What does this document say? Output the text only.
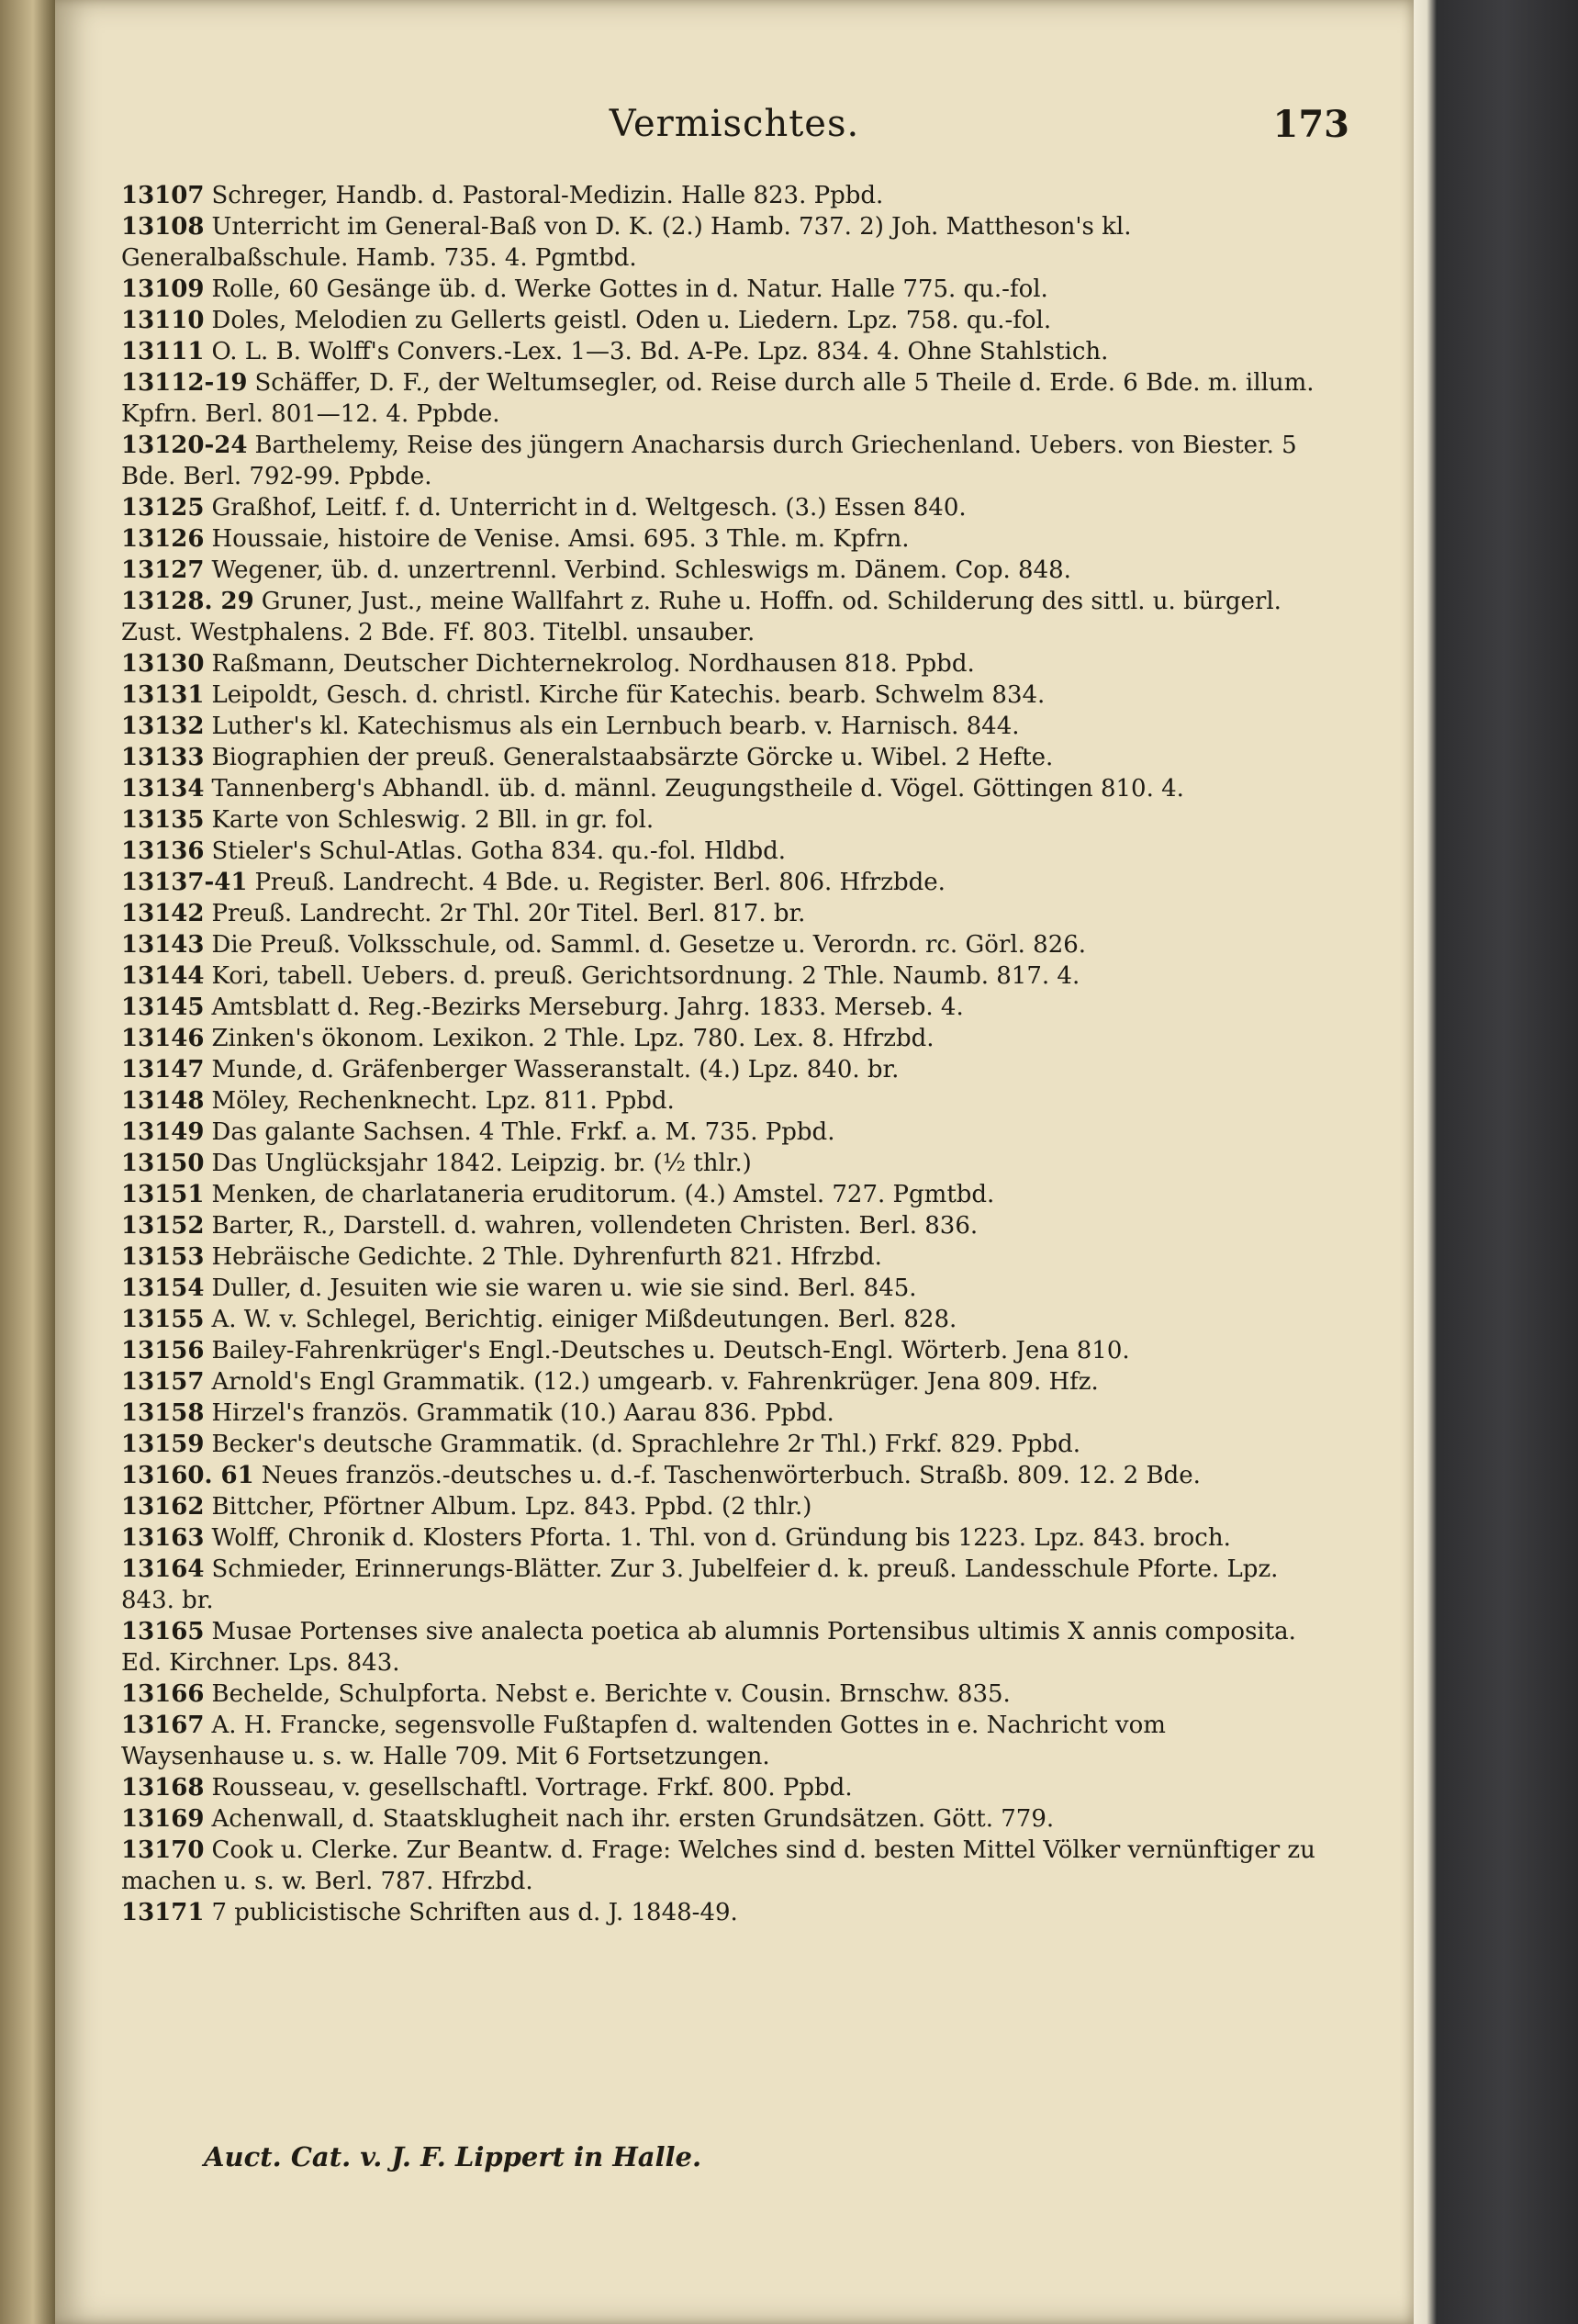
Vermischtes.	173

13107 Schreger, Handb. d. Pastoral-Medizin. Halle 823. Ppbd.

13108 Unterricht im General-Baß von D. K. (2.) Hamb. 737. 2) Joh. Mattheson's kl. Generalbaßschule. Hamb. 735. 4. Pgmtbd.

13109 Rolle, 60 Gesänge üb. d. Werke Gottes in d. Natur. Halle 775. qu.-fol.

13110 Doles, Melodien zu Gellerts geistl. Oden u. Liedern. Lpz. 758. qu.-fol.

13111 O. L. B. Wolff's Convers.-Lex. 1—3. Bd. A-Pe. Lpz. 834. 4. Ohne Stahlstich.

13112-19 Schäffer, D. F., der Weltumsegler, od. Reise durch alle 5 Theile d. Erde. 6 Bde. m. illum. Kpfrn. Berl. 801—12. 4. Ppbde.

13120-24 Barthelemy, Reise des jüngern Anacharsis durch Griechenland. Uebers. von Biester. 5 Bde. Berl. 792-99. Ppbde.

13125 Graßhof, Leitf. f. d. Unterricht in d. Weltgesch. (3.) Essen 840.

13126 Houssaie, histoire de Venise. Amsi. 695. 3 Thle. m. Kpfrn.

13127 Wegener, üb. d. unzertrennl. Verbind. Schleswigs m. Dänem. Cop. 848.

13128. 29 Gruner, Just., meine Wallfahrt z. Ruhe u. Hoffn. od. Schilderung des sittl. u. bürgerl. Zust. Westphalens. 2 Bde. Ff. 803. Titelbl. unsauber.

13130 Raßmann, Deutscher Dichternekrolog. Nordhausen 818. Ppbd.

13131 Leipoldt, Gesch. d. christl. Kirche für Katechis. bearb. Schwelm 834.

13132 Luther's kl. Katechismus als ein Lernbuch bearb. v. Harnisch. 844.

13133 Biographien der preuß. Generalstaabsärzte Görcke u. Wibel. 2 Hefte.

13134 Tannenberg's Abhandl. üb. d. männl. Zeugungstheile d. Vögel. Göttingen 810. 4.

13135 Karte von Schleswig. 2 Bll. in gr. fol.

13136 Stieler's Schul-Atlas. Gotha 834. qu.-fol. Hldbd.

13137-41 Preuß. Landrecht. 4 Bde. u. Register. Berl. 806. Hfrzbde.

13142 Preuß. Landrecht. 2r Thl. 20r Titel. Berl. 817. br.

13143 Die Preuß. Volksschule, od. Samml. d. Gesetze u. Verordn. rc. Görl. 826.

13144 Kori, tabell. Uebers. d. preuß. Gerichtsordnung. 2 Thle. Naumb. 817. 4.

13145 Amtsblatt d. Reg.-Bezirks Merseburg. Jahrg. 1833. Merseb. 4.

13146 Zinken's ökonom. Lexikon. 2 Thle. Lpz. 780. Lex. 8. Hfrzbd.

13147 Munde, d. Gräfenberger Wasseranstalt. (4.) Lpz. 840. br.

13148 Möley, Rechenknecht. Lpz. 811. Ppbd.

13149 Das galante Sachsen. 4 Thle. Frkf. a. M. 735. Ppbd.

13150 Das Unglücksjahr 1842. Leipzig. br. (½ thlr.)

13151 Menken, de charlataneria eruditorum. (4.) Amstel. 727. Pgmtbd.

13152 Barter, R., Darstell. d. wahren, vollendeten Christen. Berl. 836.

13153 Hebräische Gedichte. 2 Thle. Dyhrenfurth 821. Hfrzbd.

13154 Duller, d. Jesuiten wie sie waren u. wie sie sind. Berl. 845.

13155 A. W. v. Schlegel, Berichtig. einiger Mißdeutungen. Berl. 828.

13156 Bailey-Fahrenkrüger's Engl.-Deutsches u. Deutsch-Engl. Wörterb. Jena 810.

13157 Arnold's Engl Grammatik. (12.) umgearb. v. Fahrenkrüger. Jena 809. Hfz.

13158 Hirzel's französ. Grammatik (10.) Aarau 836. Ppbd.

13159 Becker's deutsche Grammatik. (d. Sprachlehre 2r Thl.) Frkf. 829. Ppbd.

13160. 61 Neues französ.-deutsches u. d.-f. Taschenwörterbuch. Straßb. 809. 12. 2 Bde.

13162 Bittcher, Pförtner Album. Lpz. 843. Ppbd. (2 thlr.)

13163 Wolff, Chronik d. Klosters Pforta. 1. Thl. von d. Gründung bis 1223. Lpz. 843. broch.

13164 Schmieder, Erinnerungs-Blätter. Zur 3. Jubelfeier d. k. preuß. Landesschule Pforte. Lpz. 843. br.

13165 Musae Portenses sive analecta poetica ab alumnis Portensibus ultimis X annis composita. Ed. Kirchner. Lps. 843.

13166 Bechelde, Schulpforta. Nebst e. Berichte v. Cousin. Brnschw. 835.

13167 A. H. Francke, segensvolle Fußtapfen d. waltenden Gottes in e. Nachricht vom Waysenhause u. s. w. Halle 709. Mit 6 Fortsetzungen.

13168 Rousseau, v. gesellschaftl. Vortrage. Frkf. 800. Ppbd.

13169 Achenwall, d. Staatsklugheit nach ihr. ersten Grundsätzen. Gött. 779.

13170 Cook u. Clerke. Zur Beantw. d. Frage: Welches sind d. besten Mittel Völker vernünftiger zu machen u. s. w. Berl. 787. Hfrzbd.

13171 7 publicistische Schriften aus d. J. 1848-49.

Auct. Cat. v. J. F. Lippert in Halle.
